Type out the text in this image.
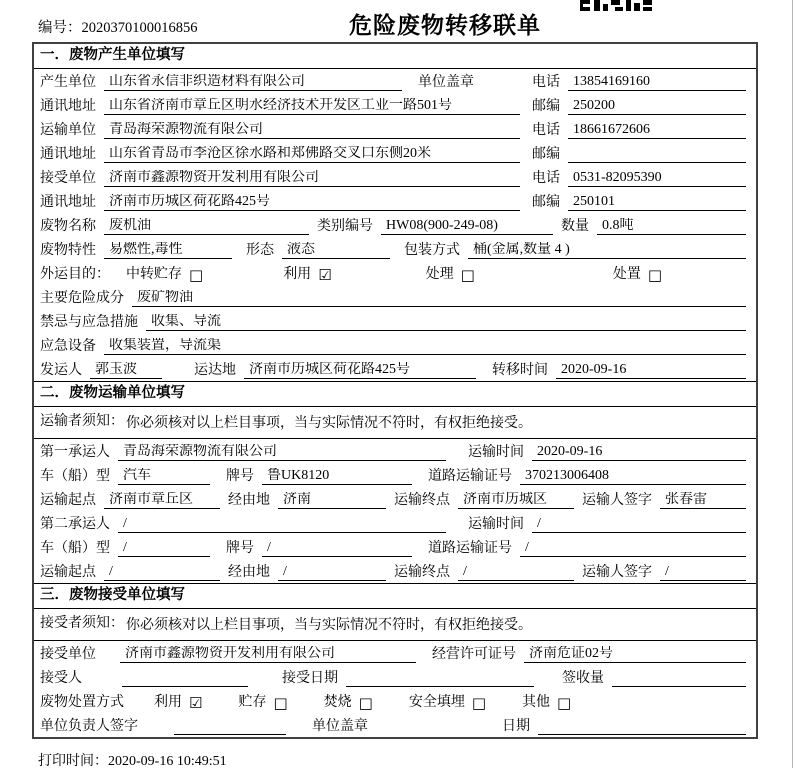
编号：2020370100016856	危险废物转移联单
一．废物产生单位填写
产生单位 山东省永信非织造材料有限公司	单位盖章	电话 13854169160
通讯地址 山东省济南市章丘区明水经济技术开发区工业一路501号	邮编 250200
运输单位 青岛海荣源物流有限公司	电话 18661672606
通讯地址 山东省青岛市李沧区徐水路和郑佛路交叉口东侧20米	邮编
接受单位 济南市鑫源物资开发利用有限公司	电话 0531-82095390
通讯地址 济南市历城区荷花路425号	邮编 250101
废物名称 废机油	类别编号 HW08(900-249-08)	数量 0.8吨
废物特性 易燃性,毒性	形态 液态	包装方式 桶(金属,数量 4 )
外运目的： 中转贮存 □	利用 ☑	处理 □	处置 □
主要危险成分 废矿物油
禁忌与应急措施 收集、导流
应急设备 收集装置，导流渠
发运人 郭玉波	运达地 济南市历城区荷花路425号	转移时间 2020-09-16
二．废物运输单位填写
运输者须知： 你必须核对以上栏目事项，当与实际情况不符时，有权拒绝接受。
第一承运人 青岛海荣源物流有限公司	运输时间 2020-09-16
车（船）型 汽车	牌号 鲁UK8120	道路运输证号 370213006408
运输起点 济南市章丘区	经由地 济南	运输终点 济南市历城区	运输人签字 张春雷
第二承运人 /	运输时间 /
车（船）型 /	牌号 /	道路运输证号 /
运输起点 /	经由地 /	运输终点 /	运输人签字 /
三．废物接受单位填写
接受者须知： 你必须核对以上栏目事项，当与实际情况不符时，有权拒绝接受。
接受单位	济南市鑫源物资开发利用有限公司	经营许可证号 济南危证02号
接受人	接受日期	签收量
废物处置方式 利用 ☑	贮存 □	焚烧 □	安全填埋 □	其他 □
单位负责人签字	单位盖章	日期
打印时间：2020-09-16 10:49:51
